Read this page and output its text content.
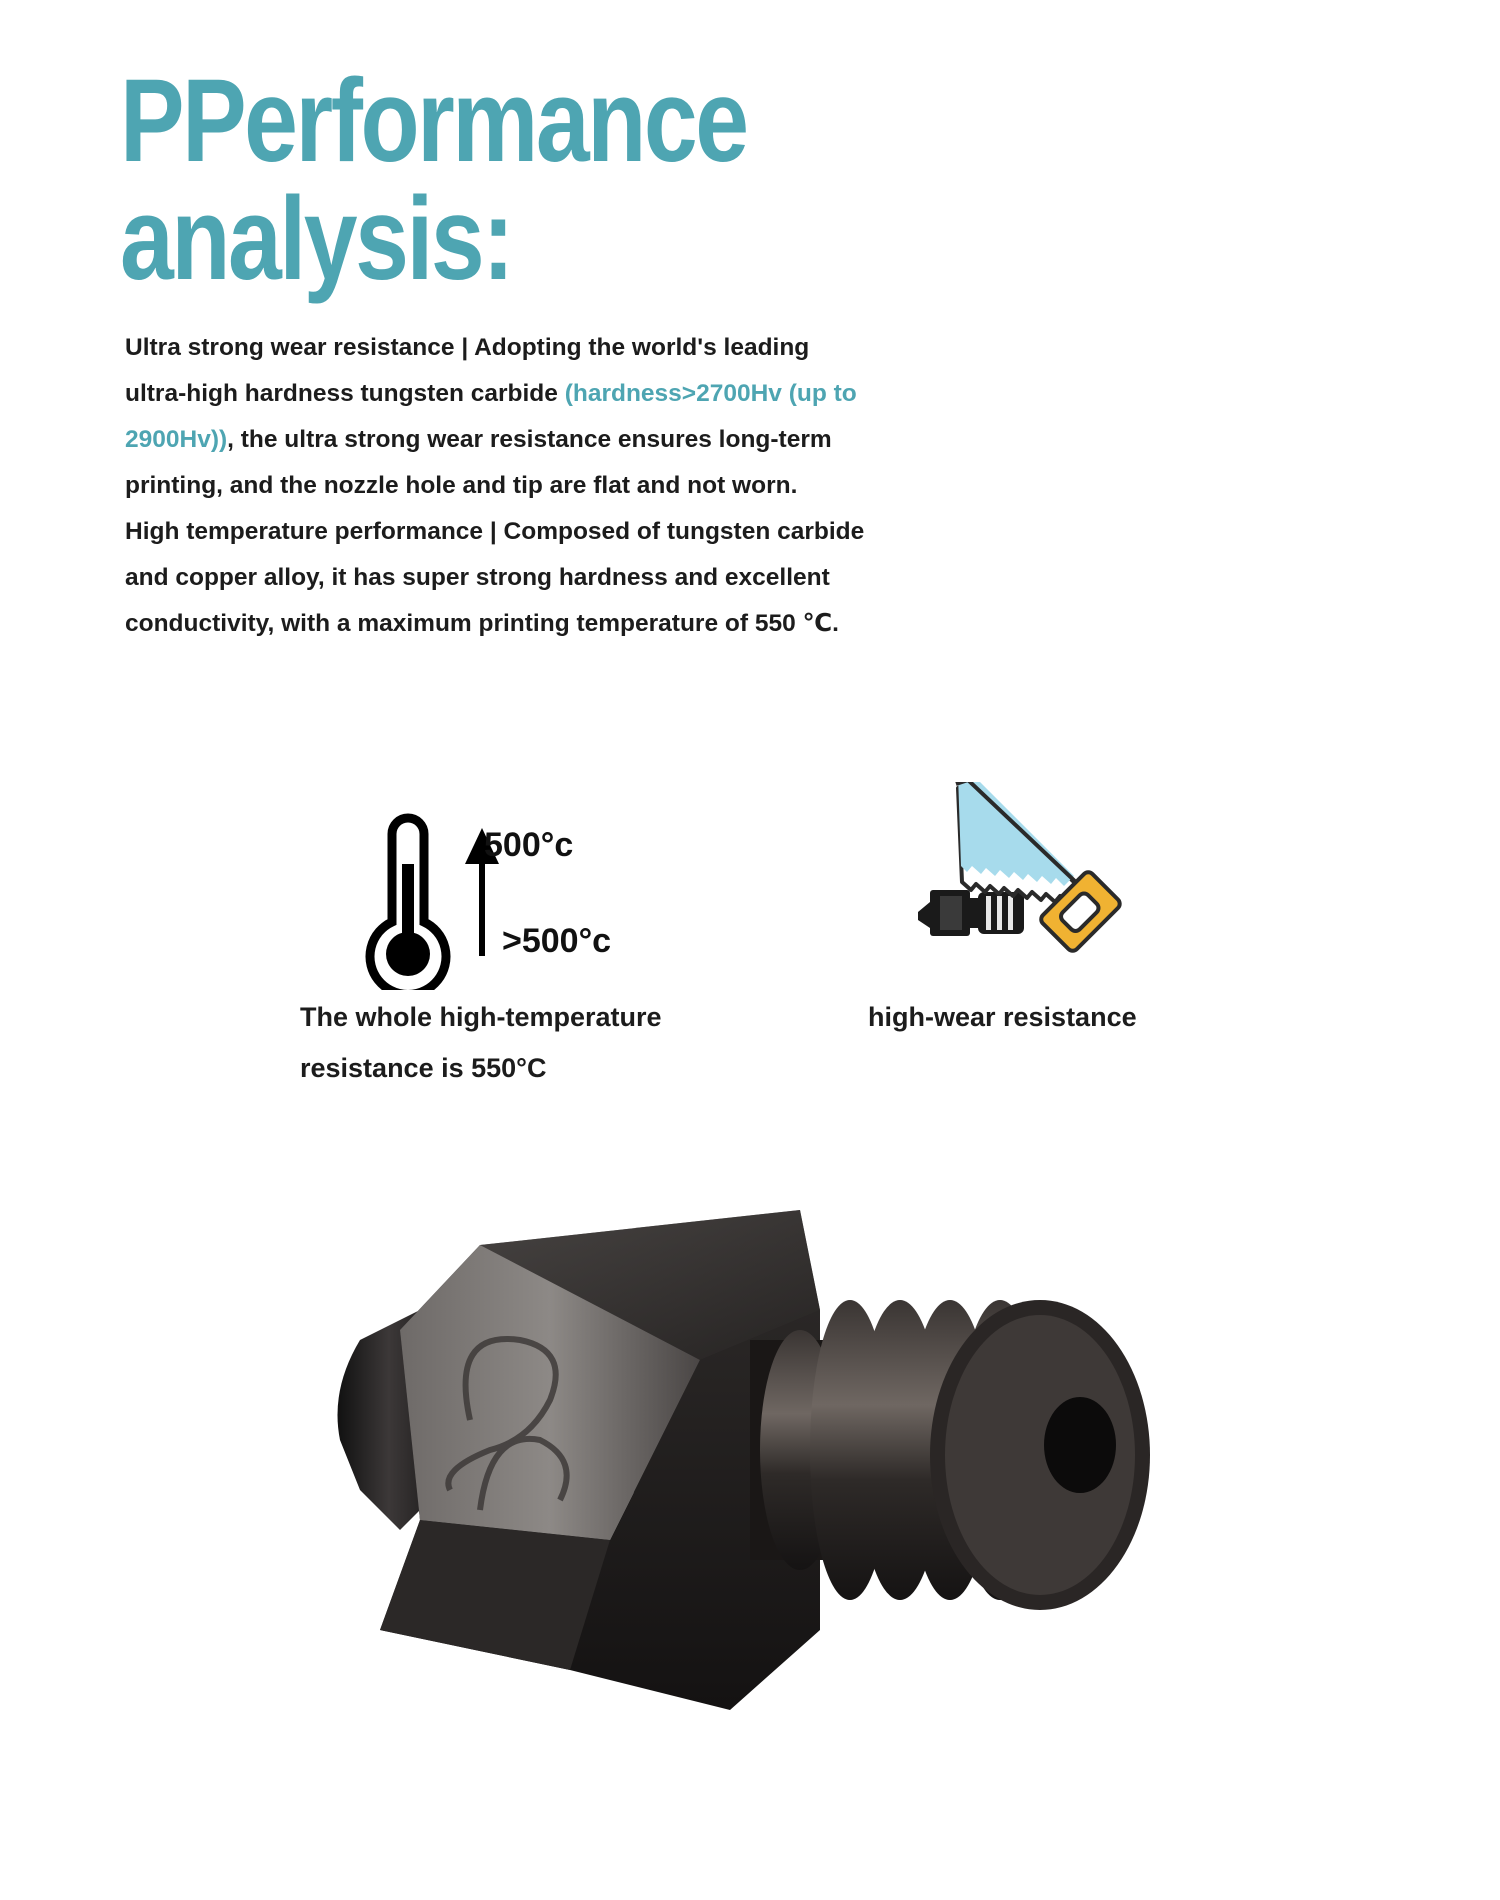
PPerformance
analysis:

Ultra strong wear resistance | Adopting the world's leading ultra-high hardness tungsten carbide (hardness>2700Hv (up to 2900Hv)), the ultra strong wear resistance ensures long-term printing, and the nozzle hole and tip are flat and not worn.

High temperature performance | Composed of tungsten carbide and copper alloy, it has super strong hardness and excellent conductivity, with a maximum printing temperature of 550 ℃.

500°c
>500°c
The whole high-temperature
resistance is 550°C
high-wear resistance
